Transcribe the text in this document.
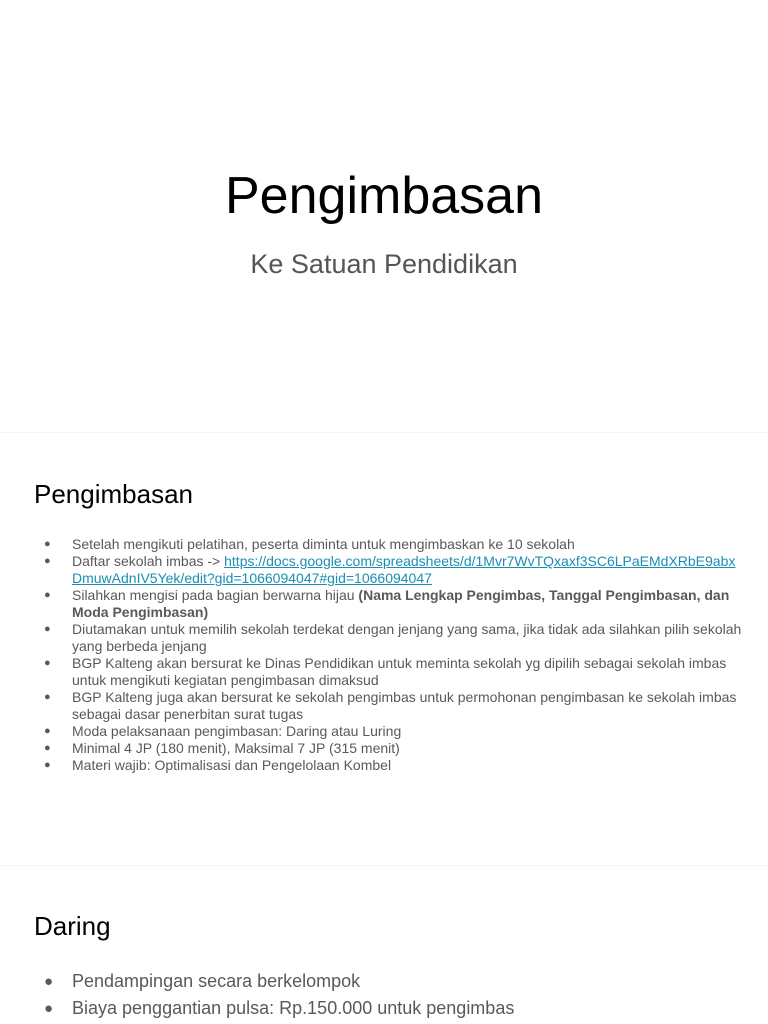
Pengimbasan
Ke Satuan Pendidikan
Pengimbasan
● Setelah mengikuti pelatihan, peserta diminta untuk mengimbaskan ke 10 sekolah
● Daftar sekolah imbas -> https://docs.google.com/spreadsheets/d/1Mvr7WvTQxaxf3SC6LPaEMdXRbE9abxDmuwAdnIV5Yek/edit?gid=1066094047#gid=1066094047
● Silahkan mengisi pada bagian berwarna hijau (Nama Lengkap Pengimbas, Tanggal Pengimbasan, dan Moda Pengimbasan)
● Diutamakan untuk memilih sekolah terdekat dengan jenjang yang sama, jika tidak ada silahkan pilih sekolah yang berbeda jenjang
● BGP Kalteng akan bersurat ke Dinas Pendidikan untuk meminta sekolah yg dipilih sebagai sekolah imbas untuk mengikuti kegiatan pengimbasan dimaksud
● BGP Kalteng juga akan bersurat ke sekolah pengimbas untuk permohonan pengimbasan ke sekolah imbas sebagai dasar penerbitan surat tugas
● Moda pelaksanaan pengimbasan: Daring atau Luring
● Minimal 4 JP (180 menit), Maksimal 7 JP (315 menit)
● Materi wajib: Optimalisasi dan Pengelolaan Kombel
Daring
● Pendampingan secara berkelompok
● Biaya penggantian pulsa: Rp.150.000 untuk pengimbas
